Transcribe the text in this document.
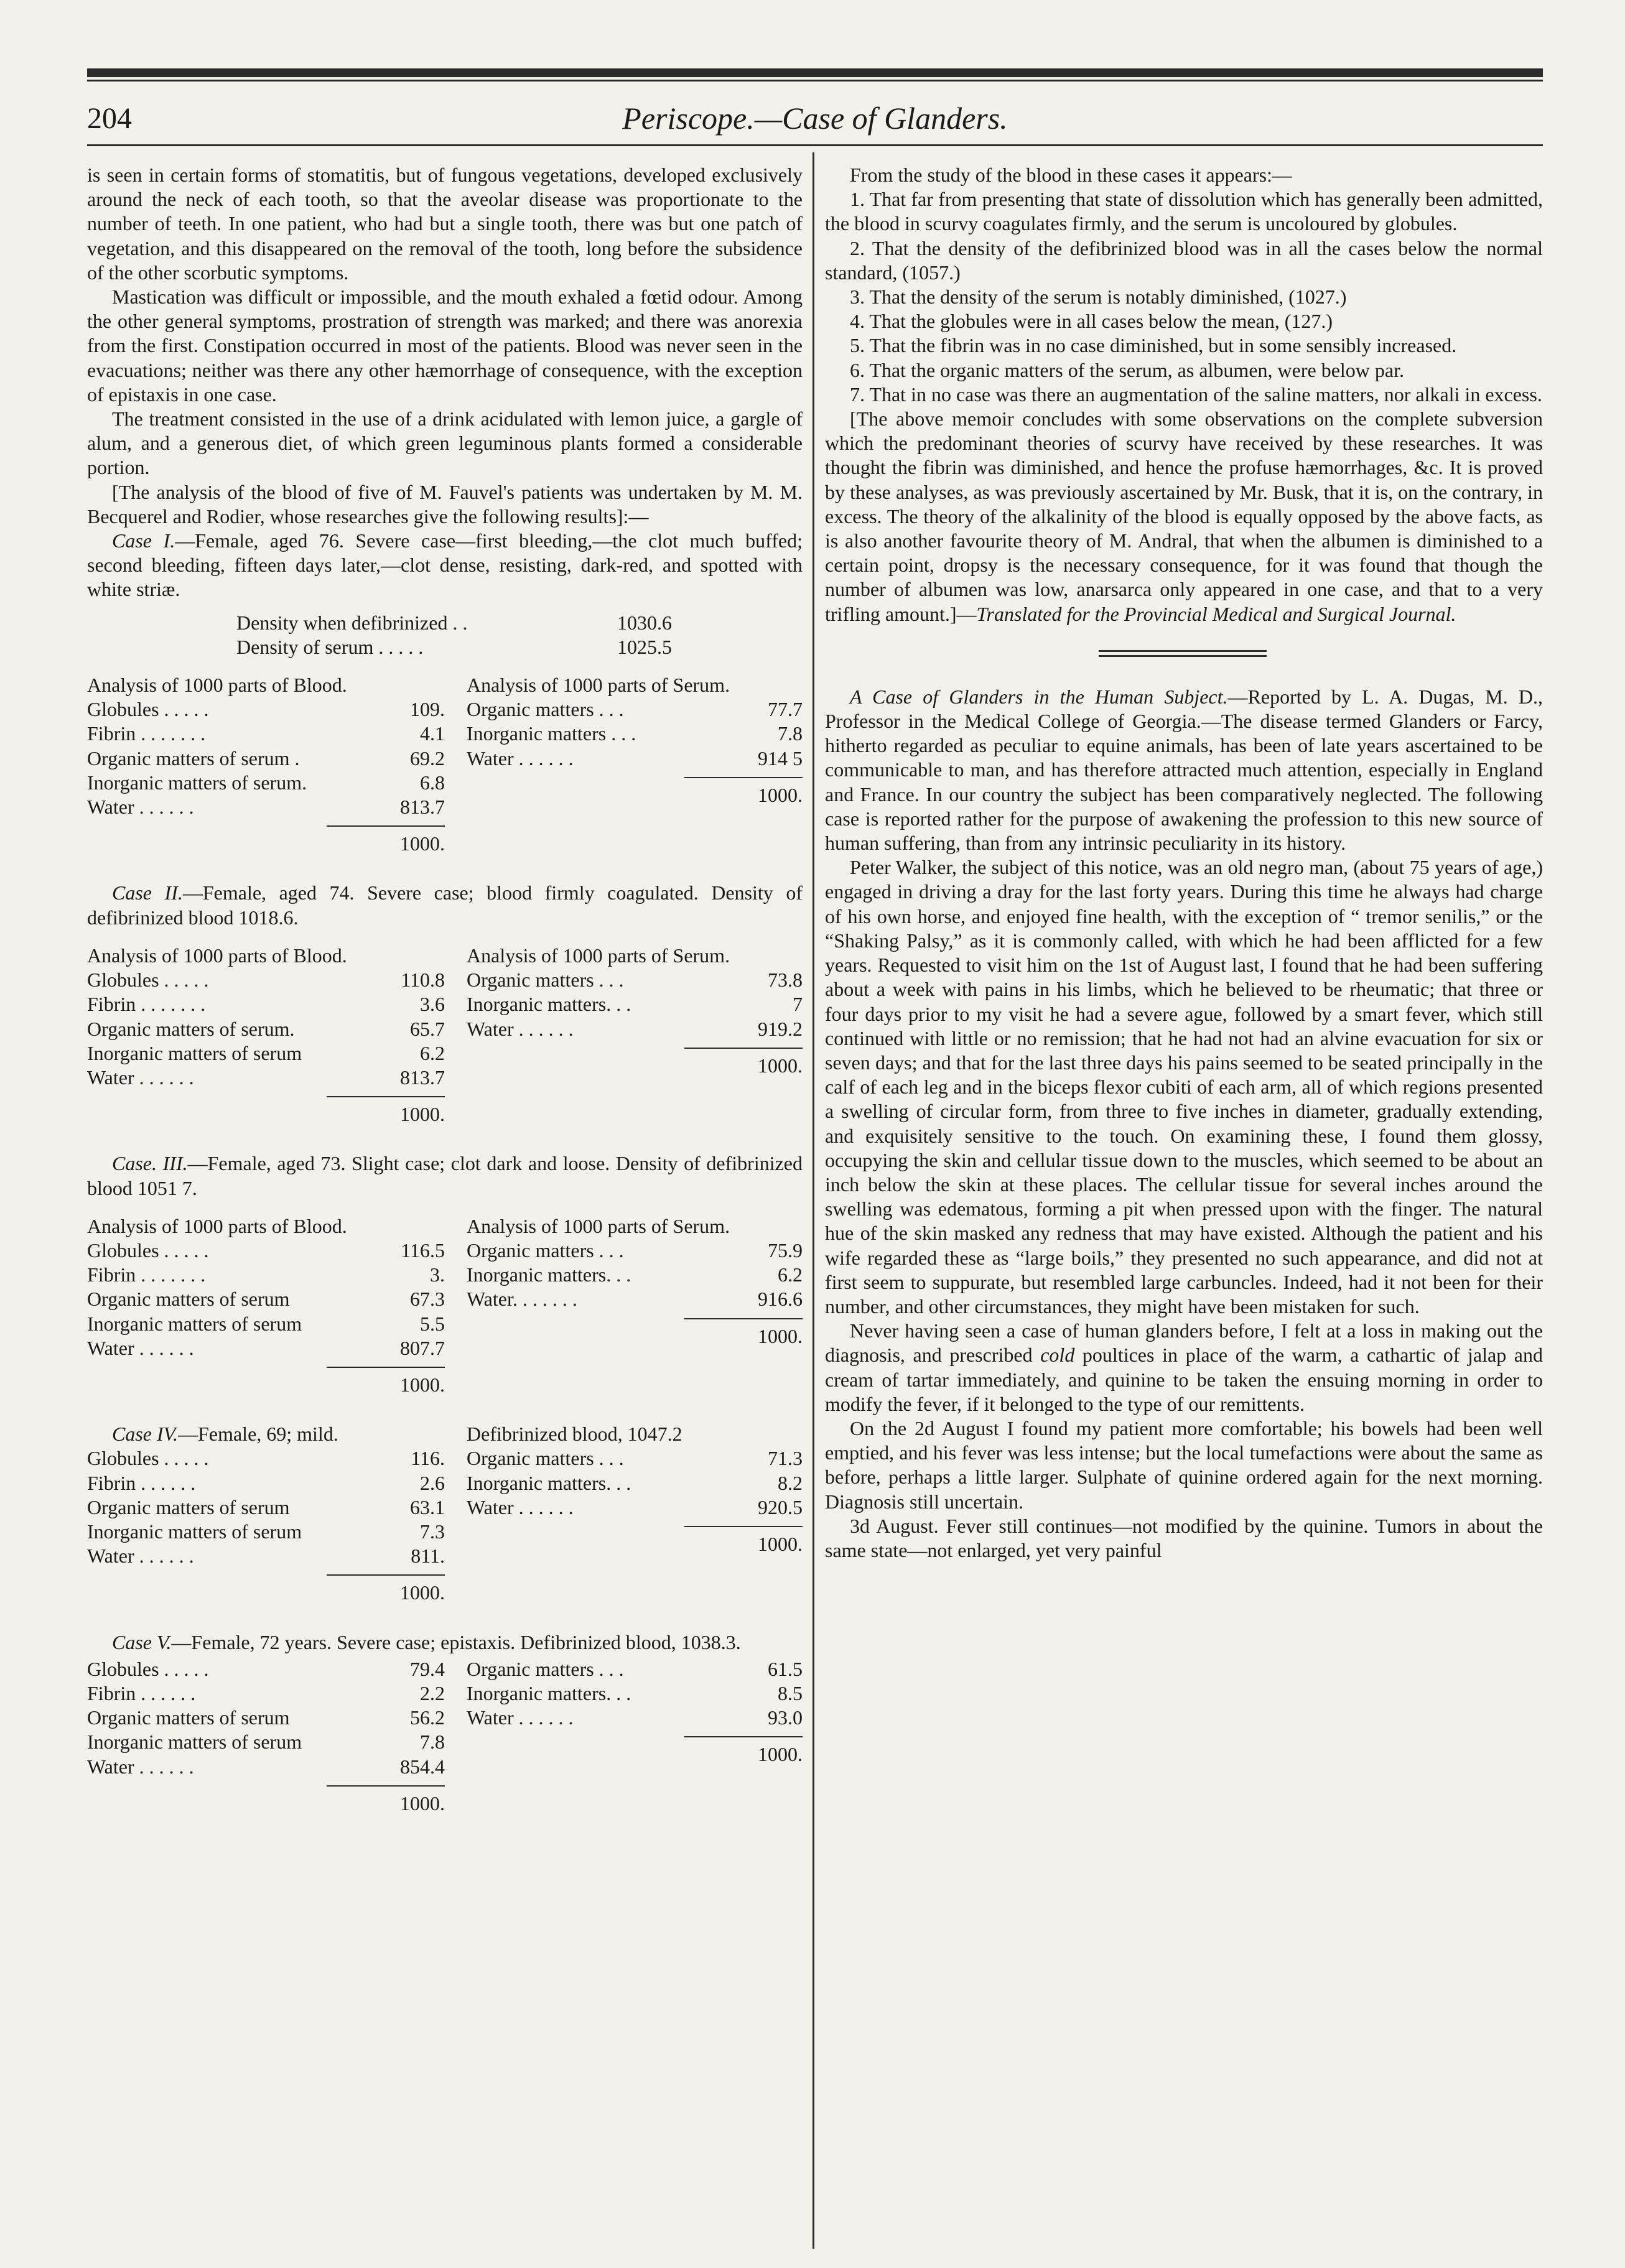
204	Periscope.—Case of Glanders.

is seen in certain forms of stomatitis, but of fungous vegetations, developed exclusively around the neck of each tooth, so that the aveolar disease was proportionate to the number of teeth. In one patient, who had but a single tooth, there was but one patch of vegetation, and this disappeared on the removal of the tooth, long before the subsidence of the other scorbutic symptoms.

Mastication was difficult or impossible, and the mouth exhaled a fœtid odour. Among the other general symptoms, prostration of strength was marked; and there was anorexia from the first. Constipation occurred in most of the patients. Blood was never seen in the evacuations; neither was there any other hæmorrhage of consequence, with the exception of epistaxis in one case.

The treatment consisted in the use of a drink acidulated with lemon juice, a gargle of alum, and a generous diet, of which green leguminous plants formed a considerable portion.

[The analysis of the blood of five of M. Fauvel's patients was undertaken by M. M. Becquerel and Rodier, whose researches give the following results]:—

Case I.—Female, aged 76. Severe case—first bleeding,—the clot much buffed; second bleeding, fifteen days later,—clot dense, resisting, dark-red, and spotted with white striæ.

Density when defibrinized . .	1030.6
Density of serum . . . . .	1025.5
Analysis of 1000 parts of Blood.
Globules . . . . .	109.
Fibrin . . . . . . .	4.1
Organic matters of serum .	69.2
Inorganic matters of serum.	6.8
Water . . . . . .	813.7
1000.
Analysis of 1000 parts of Serum.
Organic matters . . .	77.7
Inorganic matters . . .	7.8
Water . . . . . .	914 5
1000.

Case II.—Female, aged 74. Severe case; blood firmly coagulated. Density of defibrinized blood 1018.6.

Analysis of 1000 parts of Blood.
Globules . . . . .	110.8
Fibrin . . . . . . .	3.6
Organic matters of serum.	65.7
Inorganic matters of serum	6.2
Water . . . . . .	813.7
1000.
Analysis of 1000 parts of Serum.
Organic matters . . .	73.8
Inorganic matters. . .	7
Water . . . . . .	919.2
1000.

Case. III.—Female, aged 73. Slight case; clot dark and loose. Density of defibrinized blood 1051 7.

Analysis of 1000 parts of Blood.
Globules . . . . .	116.5
Fibrin . . . . . . .	3.
Organic matters of serum	67.3
Inorganic matters of serum	5.5
Water . . . . . .	807.7
1000.
Analysis of 1000 parts of Serum.
Organic matters . . .	75.9
Inorganic matters. . .	6.2
Water. . . . . . .	916.6
1000.
Case IV.—Female, 69; mild.
Globules . . . . .	116.
Fibrin . . . . . .	2.6
Organic matters of serum	63.1
Inorganic matters of serum	7.3
Water . . . . . .	811.
1000.
Defibrinized blood, 1047.2
Organic matters . . .	71.3
Inorganic matters. . .	8.2
Water . . . . . .	920.5
1000.

Case V.—Female, 72 years. Severe case; epistaxis. Defibrinized blood, 1038.3.

Globules . . . . .	79.4
Fibrin . . . . . .	2.2
Organic matters of serum	56.2
Inorganic matters of serum	7.8
Water . . . . . .	854.4
1000.
Organic matters . . .	61.5
Inorganic matters. . .	8.5
Water . . . . . .	93.0
1000.

From the study of the blood in these cases it appears:—

1. That far from presenting that state of dissolution which has generally been admitted, the blood in scurvy coagulates firmly, and the serum is uncoloured by globules.

2. That the density of the defibrinized blood was in all the cases below the normal standard, (1057.)

3. That the density of the serum is notably diminished, (1027.)

4. That the globules were in all cases below the mean, (127.)

5. That the fibrin was in no case diminished, but in some sensibly increased.

6. That the organic matters of the serum, as albumen, were below par.

7. That in no case was there an augmentation of the saline matters, nor alkali in excess.

[The above memoir concludes with some observations on the complete subversion which the predominant theories of scurvy have received by these researches. It was thought the fibrin was diminished, and hence the profuse hæmorrhages, &c. It is proved by these analyses, as was previously ascertained by Mr. Busk, that it is, on the contrary, in excess. The theory of the alkalinity of the blood is equally opposed by the above facts, as is also another favourite theory of M. Andral, that when the albumen is diminished to a certain point, dropsy is the necessary consequence, for it was found that though the number of albumen was low, anarsarca only appeared in one case, and that to a very trifling amount.]—Translated for the Provincial Medical and Surgical Journal.

A Case of Glanders in the Human Subject.—Reported by L. A. Dugas, M. D., Professor in the Medical College of Georgia.—The disease termed Glanders or Farcy, hitherto regarded as peculiar to equine animals, has been of late years ascertained to be communicable to man, and has therefore attracted much attention, especially in England and France. In our country the subject has been comparatively neglected. The following case is reported rather for the purpose of awakening the profession to this new source of human suffering, than from any intrinsic peculiarity in its history.

Peter Walker, the subject of this notice, was an old negro man, (about 75 years of age,) engaged in driving a dray for the last forty years. During this time he always had charge of his own horse, and enjoyed fine health, with the exception of “ tremor senilis,” or the “Shaking Palsy,” as it is commonly called, with which he had been afflicted for a few years. Requested to visit him on the 1st of August last, I found that he had been suffering about a week with pains in his limbs, which he believed to be rheumatic; that three or four days prior to my visit he had a severe ague, followed by a smart fever, which still continued with little or no remission; that he had not had an alvine evacuation for six or seven days; and that for the last three days his pains seemed to be seated principally in the calf of each leg and in the biceps flexor cubiti of each arm, all of which regions presented a swelling of circular form, from three to five inches in diameter, gradually extending, and exquisitely sensitive to the touch. On examining these, I found them glossy, occupying the skin and cellular tissue down to the muscles, which seemed to be about an inch below the skin at these places. The cellular tissue for several inches around the swelling was edematous, forming a pit when pressed upon with the finger. The natural hue of the skin masked any redness that may have existed. Although the patient and his wife regarded these as “large boils,” they presented no such appearance, and did not at first seem to suppurate, but resembled large carbuncles. Indeed, had it not been for their number, and other circumstances, they might have been mistaken for such.

Never having seen a case of human glanders before, I felt at a loss in making out the diagnosis, and prescribed cold poultices in place of the warm, a cathartic of jalap and cream of tartar immediately, and quinine to be taken the ensuing morning in order to modify the fever, if it belonged to the type of our remittents.

On the 2d August I found my patient more comfortable; his bowels had been well emptied, and his fever was less intense; but the local tumefactions were about the same as before, perhaps a little larger. Sulphate of quinine ordered again for the next morning. Diagnosis still uncertain.

3d August. Fever still continues—not modified by the quinine. Tumors in about the same state—not enlarged, yet very painful
